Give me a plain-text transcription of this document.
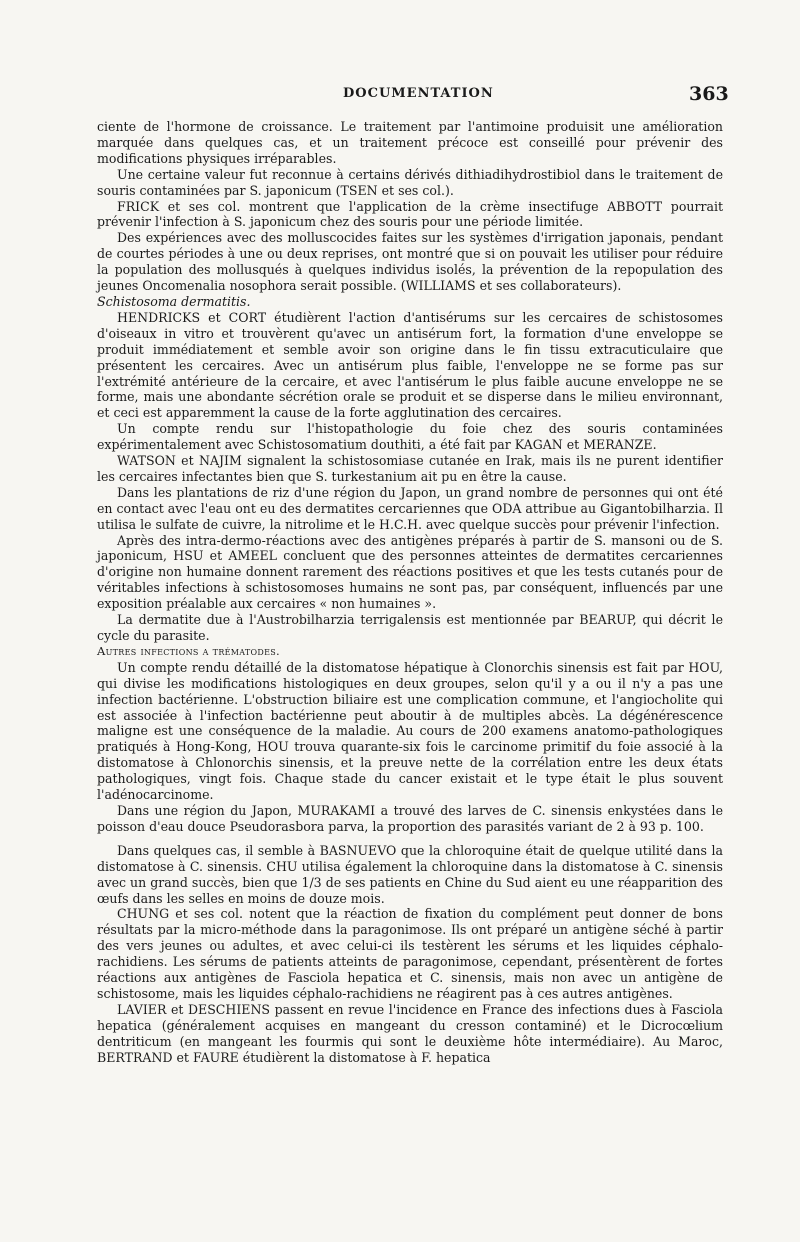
DOCUMENTATION	363

ciente de l'hormone de croissance. Le traitement par l'antimoine produisit une amélioration marquée dans quelques cas, et un traitement précoce est conseillé pour prévenir des modifications physiques irréparables.

Une certaine valeur fut reconnue à certains dérivés dithiadihydrostibiol dans le traitement de souris contaminées par S. japonicum (TSEN et ses col.).

FRICK et ses col. montrent que l'application de la crème insectifuge ABBOTT pourrait prévenir l'infection à S. japonicum chez des souris pour une période limitée.

Des expériences avec des molluscocides faites sur les systèmes d'irrigation japonais, pendant de courtes périodes à une ou deux reprises, ont montré que si on pouvait les utiliser pour réduire la population des mollusqués à quelques individus isolés, la prévention de la repopulation des jeunes Oncomenalia nosophora serait possible. (WILLIAMS et ses collaborateurs).

Schistosoma dermatitis.

HENDRICKS et CORT étudièrent l'action d'antisérums sur les cercaires de schistosomes d'oiseaux in vitro et trouvèrent qu'avec un antisérum fort, la formation d'une enveloppe se produit immédiatement et semble avoir son origine dans le fin tissu extracuticulaire que présentent les cercaires. Avec un antisérum plus faible, l'enveloppe ne se forme pas sur l'extrémité antérieure de la cercaire, et avec l'antisérum le plus faible aucune enveloppe ne se forme, mais une abondante sécrétion orale se produit et se disperse dans le milieu environnant, et ceci est apparemment la cause de la forte agglutination des cercaires.

Un compte rendu sur l'histopathologie du foie chez des souris contaminées expérimentalement avec Schistosomatium douthiti, a été fait par KAGAN et MERANZE.

WATSON et NAJIM signalent la schistosomiase cutanée en Irak, mais ils ne purent identifier les cercaires infectantes bien que S. turkestanium ait pu en être la cause.

Dans les plantations de riz d'une région du Japon, un grand nombre de personnes qui ont été en contact avec l'eau ont eu des dermatites cercariennes que ODA attribue au Gigantobilharzia. Il utilisa le sulfate de cuivre, la nitrolime et le H.C.H. avec quelque succès pour prévenir l'infection.

Après des intra-dermo-réactions avec des antigènes préparés à partir de S. mansoni ou de S. japonicum, HSU et AMEEL concluent que des personnes atteintes de dermatites cercariennes d'origine non humaine donnent rarement des réactions positives et que les tests cutanés pour de véritables infections à schistosomoses humains ne sont pas, par conséquent, influencés par une exposition préalable aux cercaires « non humaines ».

La dermatite due à l'Austrobilharzia terrigalensis est mentionnée par BEARUP, qui décrit le cycle du parasite.

Autres infections a trématodes.

Un compte rendu détaillé de la distomatose hépatique à Clonorchis sinensis est fait par HOU, qui divise les modifications histologiques en deux groupes, selon qu'il y a ou il n'y a pas une infection bactérienne. L'obstruction biliaire est une complication commune, et l'angiocholite qui est associée à l'infection bactérienne peut aboutir à de multiples abcès. La dégénérescence maligne est une conséquence de la maladie. Au cours de 200 examens anatomo-pathologiques pratiqués à Hong-Kong, HOU trouva quarante-six fois le carcinome primitif du foie associé à la distomatose à Chlonorchis sinensis, et la preuve nette de la corrélation entre les deux états pathologiques, vingt fois. Chaque stade du cancer existait et le type était le plus souvent l'adénocarcinome.

Dans une région du Japon, MURAKAMI a trouvé des larves de C. sinensis enkystées dans le poisson d'eau douce Pseudorasbora parva, la proportion des parasités variant de 2 à 93 p. 100.

Dans quelques cas, il semble à BASNUEVO que la chloroquine était de quelque utilité dans la distomatose à C. sinensis. CHU utilisa également la chloroquine dans la distomatose à C. sinensis avec un grand succès, bien que 1/3 de ses patients en Chine du Sud aient eu une réapparition des œufs dans les selles en moins de douze mois.

CHUNG et ses col. notent que la réaction de fixation du complément peut donner de bons résultats par la micro-méthode dans la paragonimose. Ils ont préparé un antigène séché à partir des vers jeunes ou adultes, et avec celui-ci ils testèrent les sérums et les liquides céphalo-rachidiens. Les sérums de patients atteints de paragonimose, cependant, présentèrent de fortes réactions aux antigènes de Fasciola hepatica et C. sinensis, mais non avec un antigène de schistosome, mais les liquides céphalo-rachidiens ne réagirent pas à ces autres antigènes.

LAVIER et DESCHIENS passent en revue l'incidence en France des infections dues à Fasciola hepatica (généralement acquises en mangeant du cresson contaminé) et le Dicrocœlium dentriticum (en mangeant les fourmis qui sont le deuxième hôte intermédiaire). Au Maroc, BERTRAND et FAURE étudièrent la distomatose à F. hepatica
